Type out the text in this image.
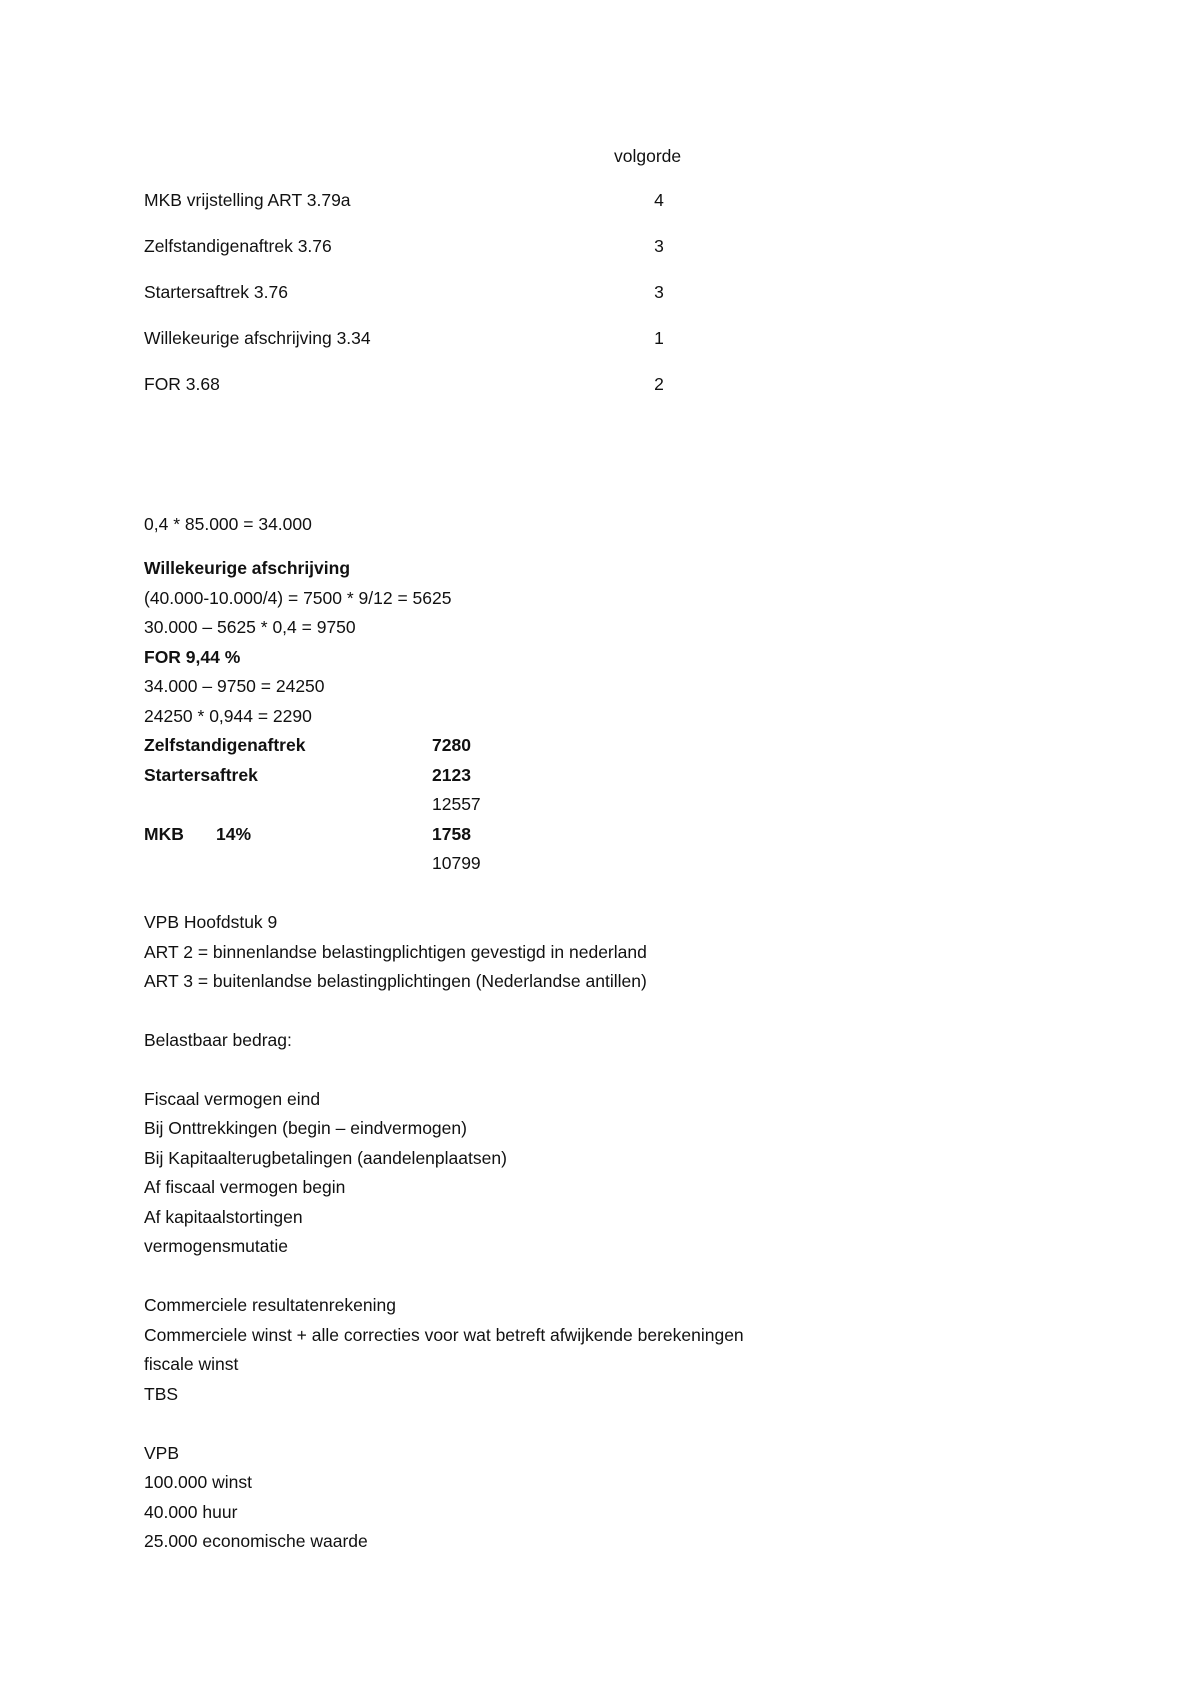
volgorde
MKB vrijstelling ART 3.79a	4
Zelfstandigenaftrek 3.76	3
Startersaftrek 3.76	3
Willekeurige afschrijving 3.34	1
FOR 3.68	2
0,4 * 85.000 = 34.000
Willekeurige afschrijving
(40.000-10.000/4) = 7500 * 9/12 = 5625
30.000 – 5625 * 0,4 = 9750
FOR 9,44 %
34.000 – 9750 = 24250
24250 * 0,944 = 2290
Zelfstandigenaftrek	7280
Startersaftrek	2123
12557
MKB 14%	1758
10799
VPB Hoofdstuk 9
ART 2 = binnenlandse belastingplichtigen gevestigd in nederland
ART 3 = buitenlandse belastingplichtingen (Nederlandse antillen)
Belastbaar bedrag:
Fiscaal vermogen eind
Bij Onttrekkingen (begin – eindvermogen)
Bij Kapitaalterugbetalingen (aandelenplaatsen)
Af fiscaal vermogen begin
Af kapitaalstortingen
vermogensmutatie
Commerciele resultatenrekening
Commerciele winst + alle correcties voor wat betreft afwijkende berekeningen
fiscale winst
TBS
VPB
100.000 winst
40.000 huur
25.000 economische waarde
